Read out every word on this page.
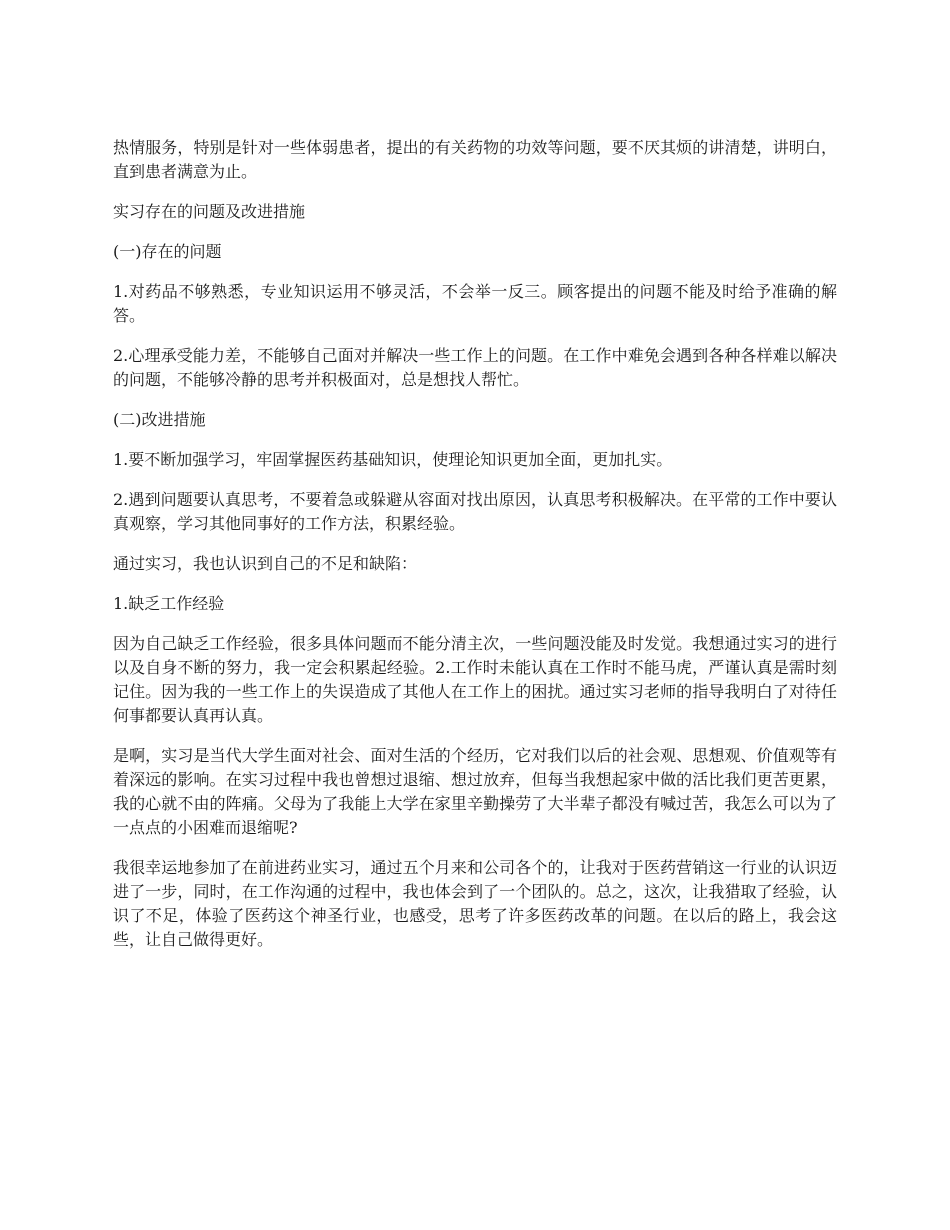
热情服务，特别是针对一些体弱患者，提出的有关药物的功效等问题，要不厌其烦的讲清楚，讲明白，直到患者满意为止。

实习存在的问题及改进措施

(一)存在的问题

1.对药品不够熟悉，专业知识运用不够灵活，不会举一反三。顾客提出的问题不能及时给予准确的解答。

2.心理承受能力差，不能够自己面对并解决一些工作上的问题。在工作中难免会遇到各种各样难以解决的问题，不能够冷静的思考并积极面对，总是想找人帮忙。

(二)改进措施

1.要不断加强学习，牢固掌握医药基础知识，使理论知识更加全面，更加扎实。

2.遇到问题要认真思考，不要着急或躲避从容面对找出原因，认真思考积极解决。在平常的工作中要认真观察，学习其他同事好的工作方法，积累经验。

通过实习，我也认识到自己的不足和缺陷：

1.缺乏工作经验

因为自己缺乏工作经验，很多具体问题而不能分清主次，一些问题没能及时发觉。我想通过实习的进行以及自身不断的努力，我一定会积累起经验。2.工作时未能认真在工作时不能马虎，严谨认真是需时刻记住。因为我的一些工作上的失误造成了其他人在工作上的困扰。通过实习老师的指导我明白了对待任何事都要认真再认真。

是啊，实习是当代大学生面对社会、面对生活的个经历，它对我们以后的社会观、思想观、价值观等有着深远的影响。在实习过程中我也曾想过退缩、想过放弃，但每当我想起家中做的活比我们更苦更累，我的心就不由的阵痛。父母为了我能上大学在家里辛勤操劳了大半辈子都没有喊过苦，我怎么可以为了一点点的小困难而退缩呢?

我很幸运地参加了在前进药业实习，通过五个月来和公司各个的，让我对于医药营销这一行业的认识迈进了一步，同时，在工作沟通的过程中，我也体会到了一个团队的。总之，这次，让我猎取了经验，认识了不足，体验了医药这个神圣行业，也感受，思考了许多医药改革的问题。在以后的路上，我会这些，让自己做得更好。
